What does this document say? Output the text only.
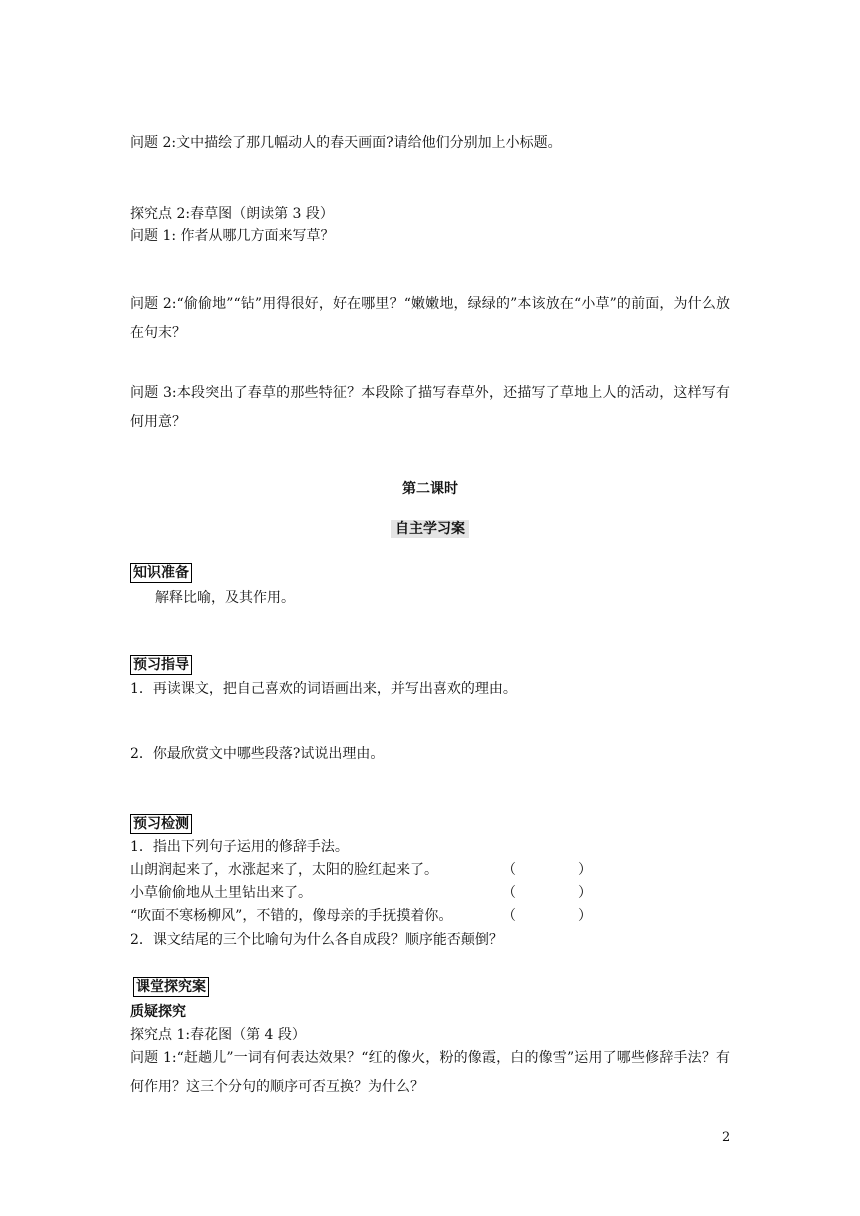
问题 2:文中描绘了那几幅动人的春天画面?请给他们分别加上小标题。

探究点 2:春草图（朗读第 3 段）

问题 1: 作者从哪几方面来写草？

问题 2:“偷偷地”“钻”用得很好，好在哪里？“嫩嫩地，绿绿的”本该放在“小草”的前面，为什么放在句末？

问题 3:本段突出了春草的那些特征？本段除了描写春草外，还描写了草地上人的活动，这样写有何用意？

第二课时

自主学习案

知识准备

解释比喻，及其作用。

预习指导

1．再读课文，把自己喜欢的词语画出来，并写出喜欢的理由。

2．你最欣赏文中哪些段落?试说出理由。

预习检测

1．指出下列句子运用的修辞手法。

山朗润起来了，水涨起来了，太阳的脸红起来了。	（	）

小草偷偷地从土里钻出来了。	（	）

“吹面不寒杨柳风”，不错的，像母亲的手抚摸着你。	（	）

2．课文结尾的三个比喻句为什么各自成段？顺序能否颠倒？

课堂探究案

质疑探究

探究点 1:春花图（第 4 段）

问题 1:“赶趟儿”一词有何表达效果？“红的像火，粉的像霞，白的像雪”运用了哪些修辞手法？有何作用？这三个分句的顺序可否互换？为什么？

2
